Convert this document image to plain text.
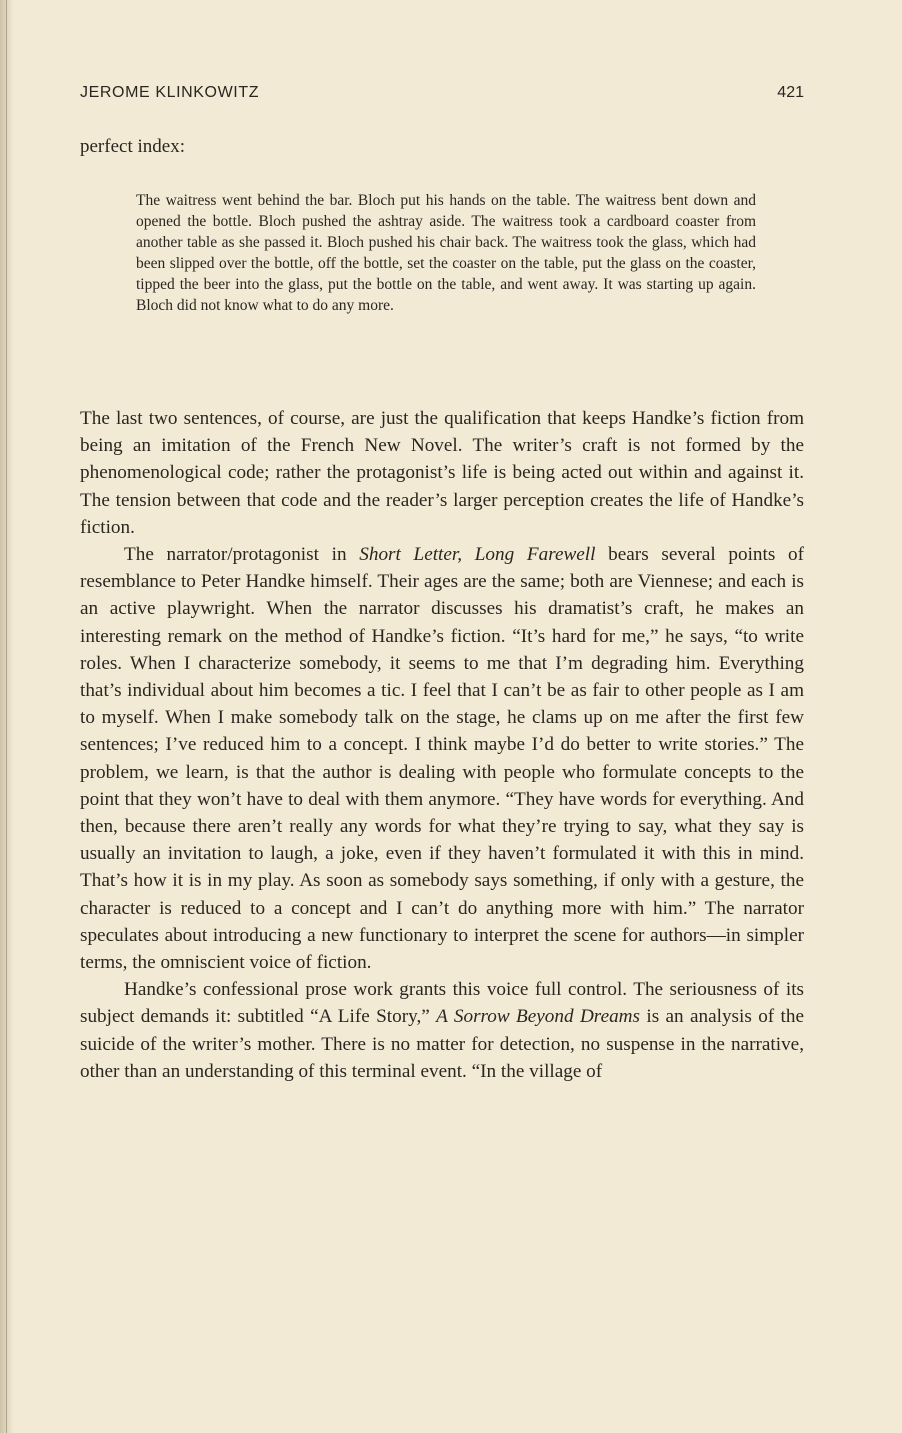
JEROME KLINKOWITZ	421
perfect index:
The waitress went behind the bar. Bloch put his hands on the table. The waitress bent down and opened the bottle. Bloch pushed the ashtray aside. The waitress took a cardboard coaster from another table as she passed it. Bloch pushed his chair back. The waitress took the glass, which had been slipped over the bottle, off the bottle, set the coaster on the table, put the glass on the coaster, tipped the beer into the glass, put the bottle on the table, and went away. It was starting up again. Bloch did not know what to do any more.

The last two sentences, of course, are just the qualification that keeps Handke’s fiction from being an imitation of the French New Novel. The writer’s craft is not formed by the phenomenological code; rather the protagonist’s life is being acted out within and against it. The tension between that code and the reader’s larger perception creates the life of Handke’s fiction.

The narrator/protagonist in Short Letter, Long Farewell bears several points of resemblance to Peter Handke himself. Their ages are the same; both are Viennese; and each is an active playwright. When the narrator discusses his dramatist’s craft, he makes an interesting remark on the method of Handke’s fiction. “It’s hard for me,” he says, “to write roles. When I characterize somebody, it seems to me that I’m degrading him. Everything that’s individual about him becomes a tic. I feel that I can’t be as fair to other people as I am to myself. When I make somebody talk on the stage, he clams up on me after the first few sentences; I’ve reduced him to a concept. I think maybe I’d do better to write stories.” The problem, we learn, is that the author is dealing with people who formulate concepts to the point that they won’t have to deal with them anymore. “They have words for everything. And then, because there aren’t really any words for what they’re trying to say, what they say is usually an invitation to laugh, a joke, even if they haven’t formulated it with this in mind. That’s how it is in my play. As soon as somebody says something, if only with a gesture, the character is reduced to a concept and I can’t do anything more with him.” The narrator speculates about introducing a new functionary to interpret the scene for authors—in simpler terms, the omniscient voice of fiction.

Handke’s confessional prose work grants this voice full control. The seriousness of its subject demands it: subtitled “A Life Story,” A Sorrow Beyond Dreams is an analysis of the suicide of the writer’s mother. There is no matter for detection, no suspense in the narrative, other than an understanding of this terminal event. “In the village of
